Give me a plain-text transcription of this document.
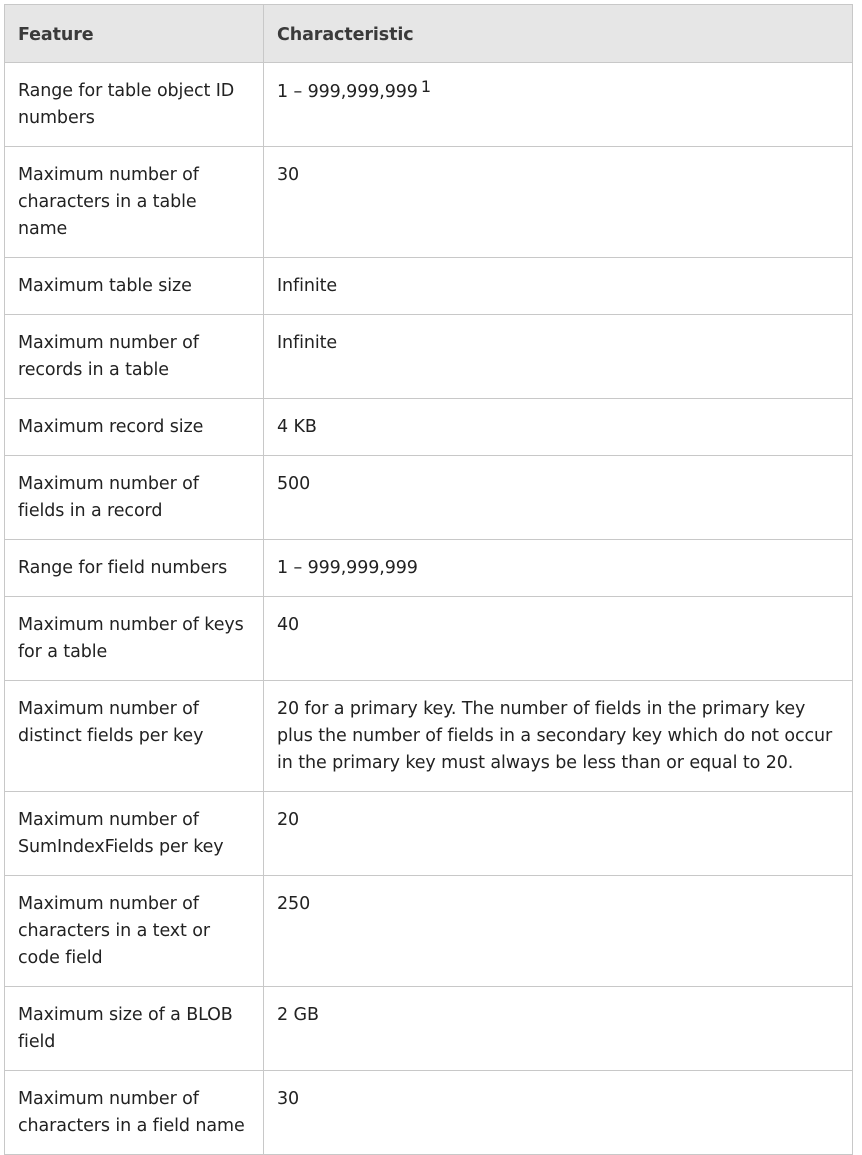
Feature	Characteristic
Range for table object ID numbers	1 – 999,999,999 $^1$
Maximum number of characters in a table name	30
Maximum table size	Infinite
Maximum number of records in a table	Infinite
Maximum record size	4 KB
Maximum number of fields in a record	500
Range for field numbers	1 – 999,999,999
Maximum number of keys for a table	40
Maximum number of distinct fields per key	20 for a primary key. The number of fields in the primary key plus the number of fields in a secondary key which do not occur in the primary key must always be less than or equal to 20.
Maximum number of SumIndexFields per key	20
Maximum number of characters in a text or code field	250
Maximum size of a BLOB field	2 GB
Maximum number of characters in a field name	30
